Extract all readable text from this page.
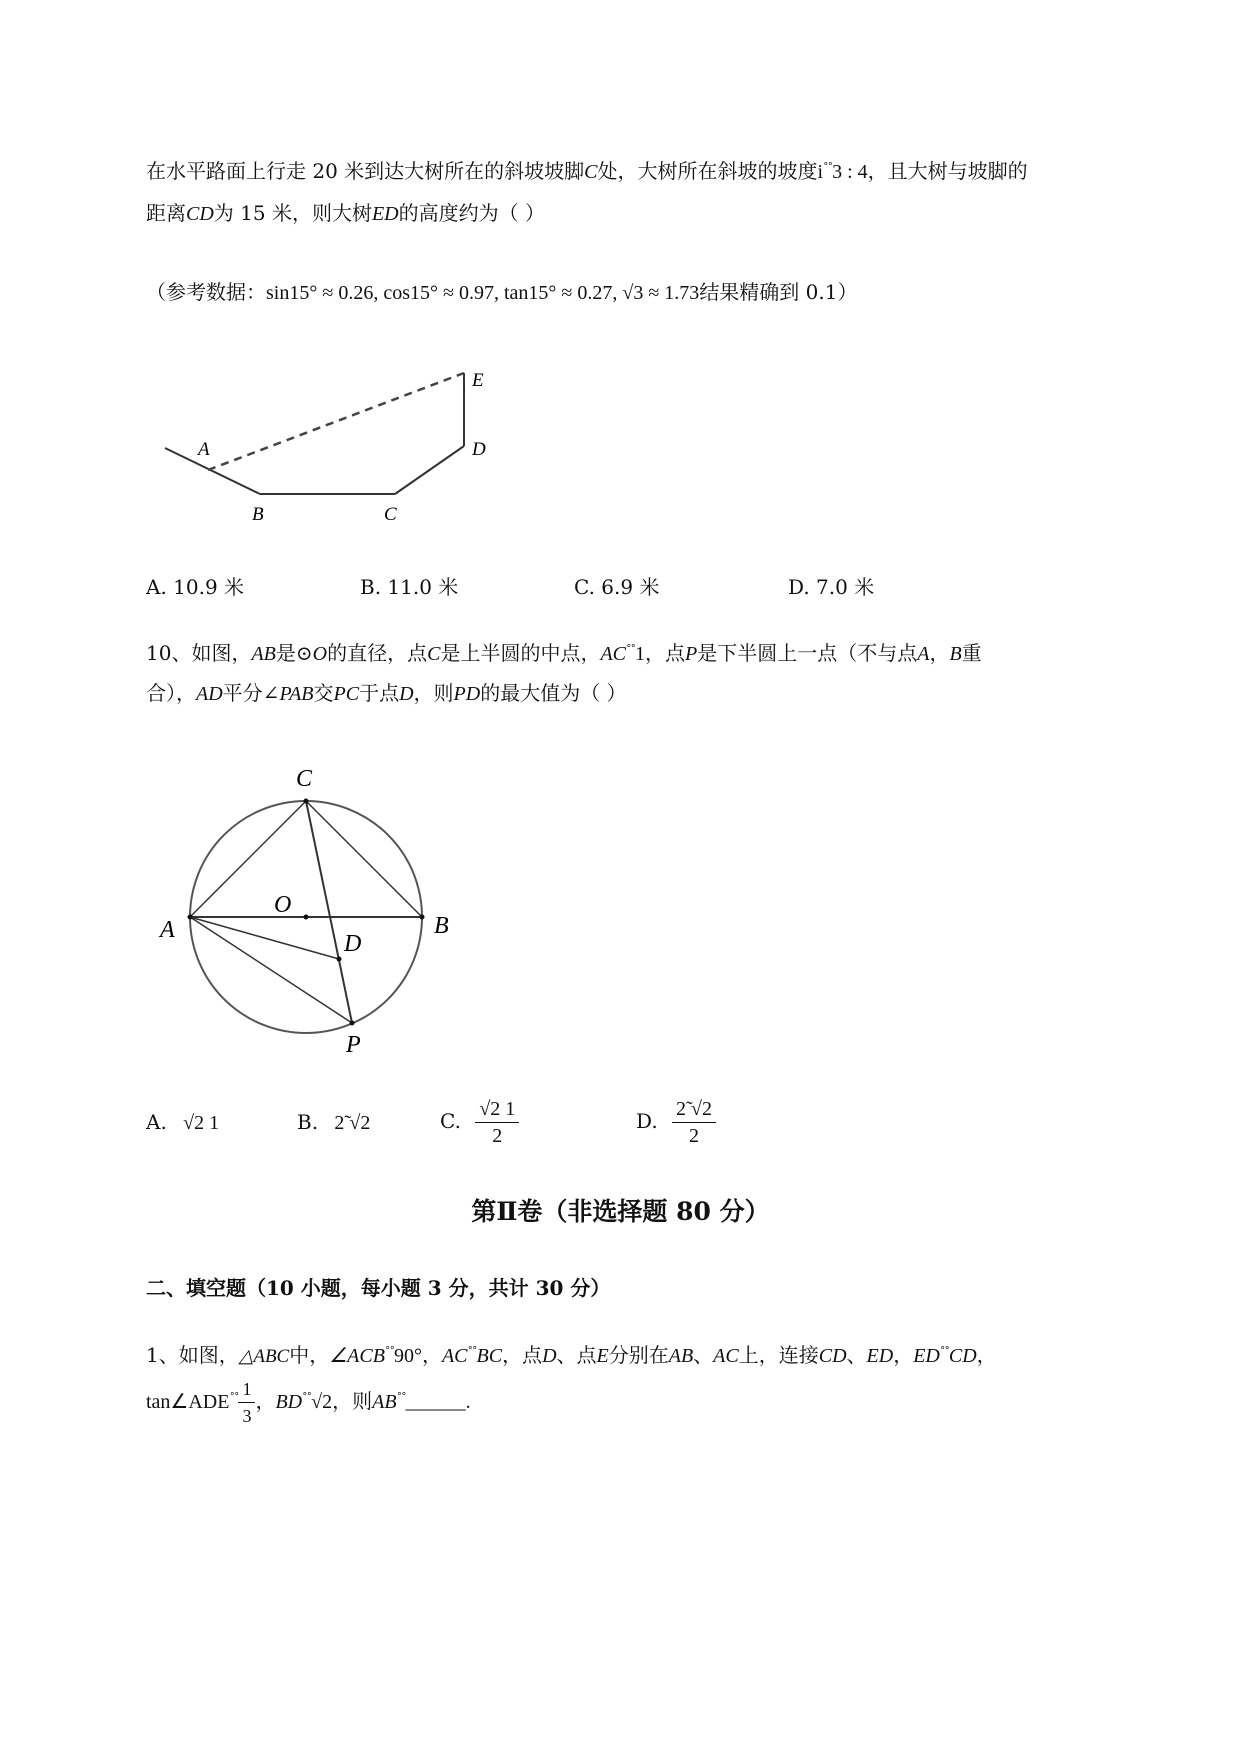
在水平路面上行走 20 米到达大树所在的斜坡坡脚C处，大树所在斜坡的坡度i˚˚3 : 4，且大树与坡脚的
距离CD为 15 米，则大树ED的高度约为（ ）
（参考数据：sin15° ≈ 0.26, cos15° ≈ 0.97, tan15° ≈ 0.27, √3 ≈ 1.73结果精确到 0.1）
A
B	C
D
E
A. 10.9 米	B. 11.0 米	C. 6.9 米	D. 7.0 米
10、如图，AB是⊙O的直径，点C是上半圆的中点，AC˚˚1，点P是下半圆上一点（不与点A，B重
合），AD平分∠PAB交PC于点D，则PD的最大值为（ ）
C
A	B
O
D
P
A. √2 1	B. 2̃ √2	C. $\frac{√2 1}{2}$	D. $\frac{2̃ √2}{2}$
第Ⅱ卷（非选择题 80 分）
二、填空题（10 小题，每小题 3 分，共计 30 分）
1、如图，△ABC中，∠ACB˚˚90°，AC˚˚BC，点D、点E分别在AB、AC上，连接CD、ED，ED˚˚CD，
tan∠ADE˚˚ $\frac{1}{3}$ ，BD˚˚√2，则AB˚˚______.
